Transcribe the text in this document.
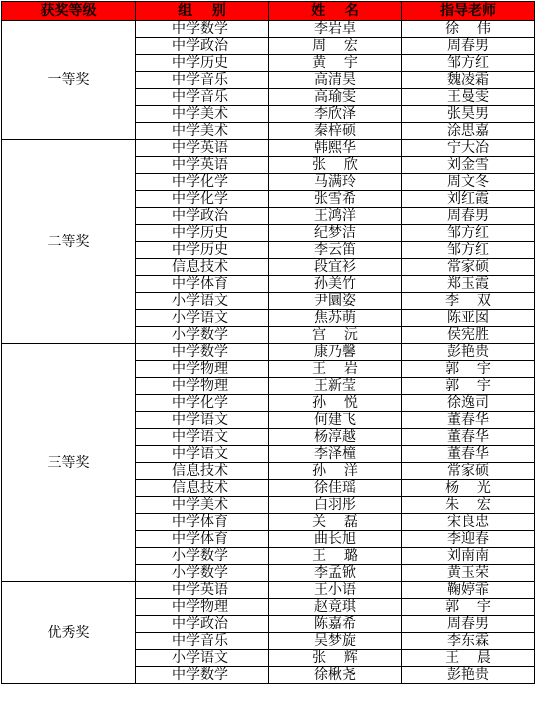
获奖等级	组    别	姓    名	指导老师
一等奖	中学数学	李岩卓	徐    伟
	中学政治	周    宏	周春男
	中学历史	黄    宇	邹方红
	中学音乐	高清昊	魏凌霜
	中学音乐	高瑜雯	王曼雯
	中学美术	李欣泽	张昊男
	中学美术	秦梓硕	涂思嘉
二等奖	中学英语	韩熙华	宁大冶
	中学英语	张    欣	刘金雪
	中学化学	马满玲	周文冬
	中学化学	张雪希	刘红霞
	中学政治	王鸿洋	周春男
	中学历史	纪梦洁	邹方红
	中学历史	李云笛	邹方红
	信息技术	段宜衫	常家硕
	中学体育	孙美竹	郑玉霞
	小学语文	尹圜姿	李    双
	小学语文	焦苏萌	陈亚囡
	小学数学	宫    沅	侯宪胜
三等奖	中学数学	康乃馨	彭艳贵
	中学物理	王    岩	郭    宇
	中学物理	王新莹	郭    宇
	中学化学	孙    悦	徐逸司
	中学语文	何建飞	董春华
	中学语文	杨淳越	董春华
	中学语文	李泽橦	董春华
	信息技术	孙    洋	常家硕
	信息技术	徐佳瑶	杨    光
	中学美术	白羽彤	朱    宏
	中学体育	关    磊	宋良忠
	中学体育	曲长旭	李迎春
	小学数学	王    璐	刘南南
	小学数学	李孟锨	黄玉荣
优秀奖	中学英语	王小语	鞠婷霏
	中学物理	赵竟琪	郭    宇
	中学政治	陈嘉希	周春男
	中学音乐	吴梦旋	李东霖
	小学语文	张    辉	王    晨
	中学数学	徐楸尧	彭艳贵
